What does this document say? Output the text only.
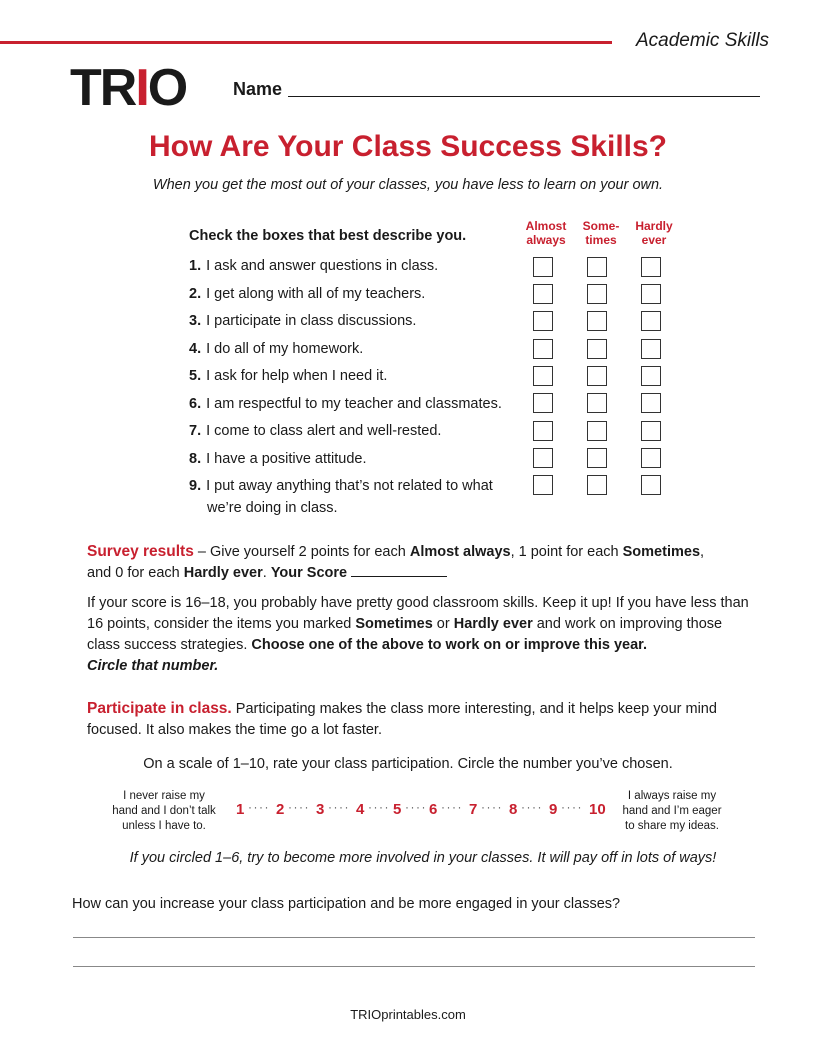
Academic Skills
TRIO	Name
How Are Your Class Success Skills?
When you get the most out of your classes, you have less to learn on your own.
Check the boxes that best describe you.
Almost
always
Some-
times
Hardly
ever
1. I ask and answer questions in class.
2. I get along with all of my teachers.
3. I participate in class discussions.
4. I do all of my homework.
5. I ask for help when I need it.
6. I am respectful to my teacher and classmates.
7. I come to class alert and well-rested.
8. I have a positive attitude.
9. I put away anything that’s not related to what
we’re doing in class.
Survey results – Give yourself 2 points for each Almost always, 1 point for each Sometimes,
and 0 for each Hardly ever. Your Score
If your score is 16–18, you probably have pretty good classroom skills. Keep it up! If you have less than 16 points, consider the items you marked Sometimes or Hardly ever and work on improving those class success strategies. Choose one of the above to work on or improve this year.
Circle that number.
Participate in class. Participating makes the class more interesting, and it helps keep your mind focused. It also makes the time go a lot faster.
On a scale of 1–10, rate your class participation. Circle the number you’ve chosen.
I never raise my
hand and I don’t talk
unless I have to.
I always raise my
hand and I’m eager
to share my ideas.
1 ···· 2 ···· 3 ···· 4 ···· 5 ···· 6 ···· 7 ···· 8 ···· 9 ···· 10
If you circled 1–6, try to become more involved in your classes. It will pay off in lots of ways!
How can you increase your class participation and be more engaged in your classes?
TRIOprintables.com
